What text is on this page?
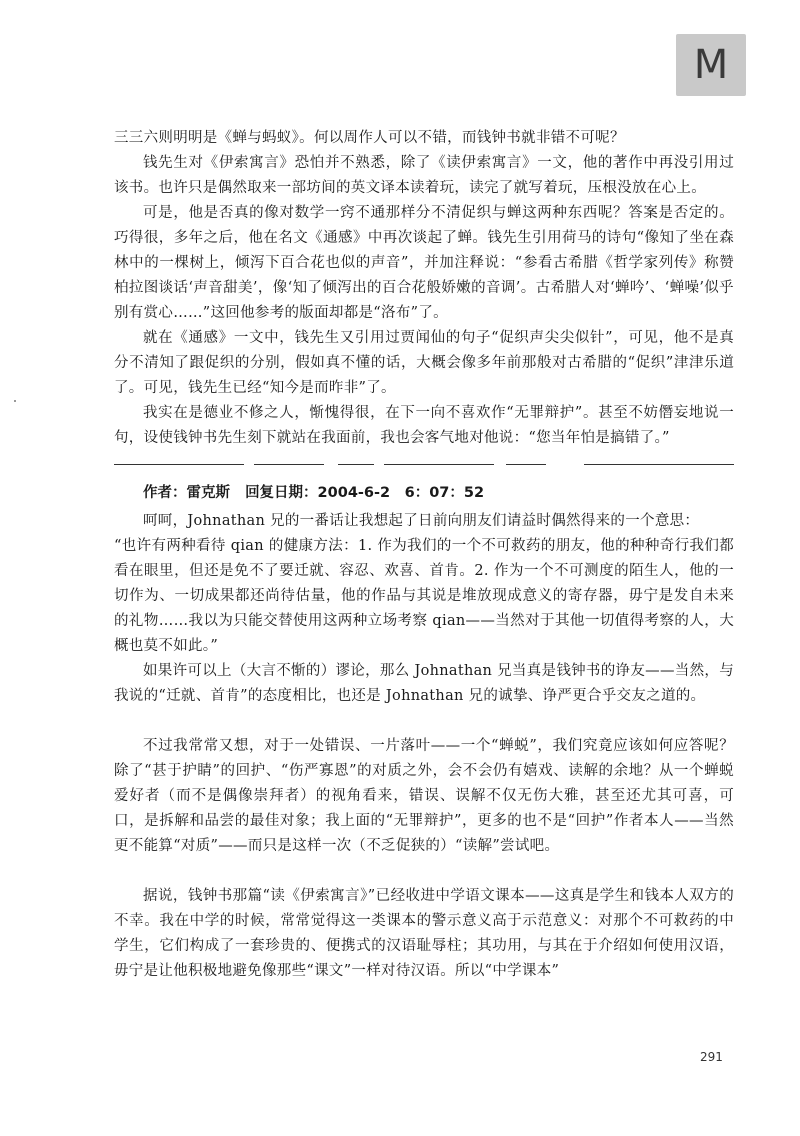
M

三三六则明明是《蝉与蚂蚁》。何以周作人可以不错，而钱钟书就非错不可呢？

钱先生对《伊索寓言》恐怕并不熟悉，除了《读伊索寓言》一文，他的著作中再没引用过该书。也许只是偶然取来一部坊间的英文译本读着玩，读完了就写着玩，压根没放在心上。

可是，他是否真的像对数学一窍不通那样分不清促织与蝉这两种东西呢？答案是否定的。巧得很，多年之后，他在名文《通感》中再次谈起了蝉。钱先生引用荷马的诗句“像知了坐在森林中的一棵树上，倾泻下百合花也似的声音”，并加注释说：“参看古希腊《哲学家列传》称赞柏拉图谈话‘声音甜美’，像‘知了倾泻出的百合花般娇嫩的音调’。古希腊人对‘蝉吟’、‘蝉噪’似乎别有赏心……”这回他参考的版面却都是“洛布”了。

就在《通感》一文中，钱先生又引用过贾闻仙的句子“促织声尖尖似针”，可见，他不是真分不清知了跟促织的分别，假如真不懂的话，大概会像多年前那般对古希腊的“促织”津津乐道了。可见，钱先生已经“知今是而昨非”了。

我实在是德业不修之人，惭愧得很，在下一向不喜欢作“无罪辩护”。甚至不妨僭妄地说一句，设使钱钟书先生刻下就站在我面前，我也会客气地对他说：“您当年怕是搞错了。”

作者：雷克斯 回复日期：2004-6-2　6：07：52

呵呵，Johnathan 兄的一番话让我想起了日前向朋友们请益时偶然得来的一个意思：

“也许有两种看待 qian 的健康方法：1. 作为我们的一个不可救药的朋友，他的种种奇行我们都看在眼里，但还是免不了要迁就、容忍、欢喜、首肯。2. 作为一个不可测度的陌生人，他的一切作为、一切成果都还尚待估量，他的作品与其说是堆放现成意义的寄存器，毋宁是发自未来的礼物……我以为只能交替使用这两种立场考察 qian——当然对于其他一切值得考察的人，大概也莫不如此。”

如果许可以上（大言不惭的）谬论，那么 Johnathan 兄当真是钱钟书的诤友——当然，与我说的“迁就、首肯”的态度相比，也还是 Johnathan 兄的诚挚、诤严更合乎交友之道的。

不过我常常又想，对于一处错误、一片落叶——一个“蝉蜕”，我们究竟应该如何应答呢？除了“甚于护睛”的回护、“伤严寡恩”的对质之外，会不会仍有嬉戏、读解的余地？从一个蝉蜕爱好者（而不是偶像崇拜者）的视角看来，错误、误解不仅无伤大雅，甚至还尤其可喜，可口，是拆解和品尝的最佳对象；我上面的“无罪辩护”，更多的也不是“回护”作者本人——当然更不能算“对质”——而只是这样一次（不乏促狭的）“读解”尝试吧。

据说，钱钟书那篇“读《伊索寓言》”已经收进中学语文课本——这真是学生和钱本人双方的不幸。我在中学的时候，常常觉得这一类课本的警示意义高于示范意义：对那个不可救药的中学生，它们构成了一套珍贵的、便携式的汉语耻辱柱；其功用，与其在于介绍如何使用汉语，毋宁是让他积极地避免像那些“课文”一样对待汉语。所以“中学课本”

291
